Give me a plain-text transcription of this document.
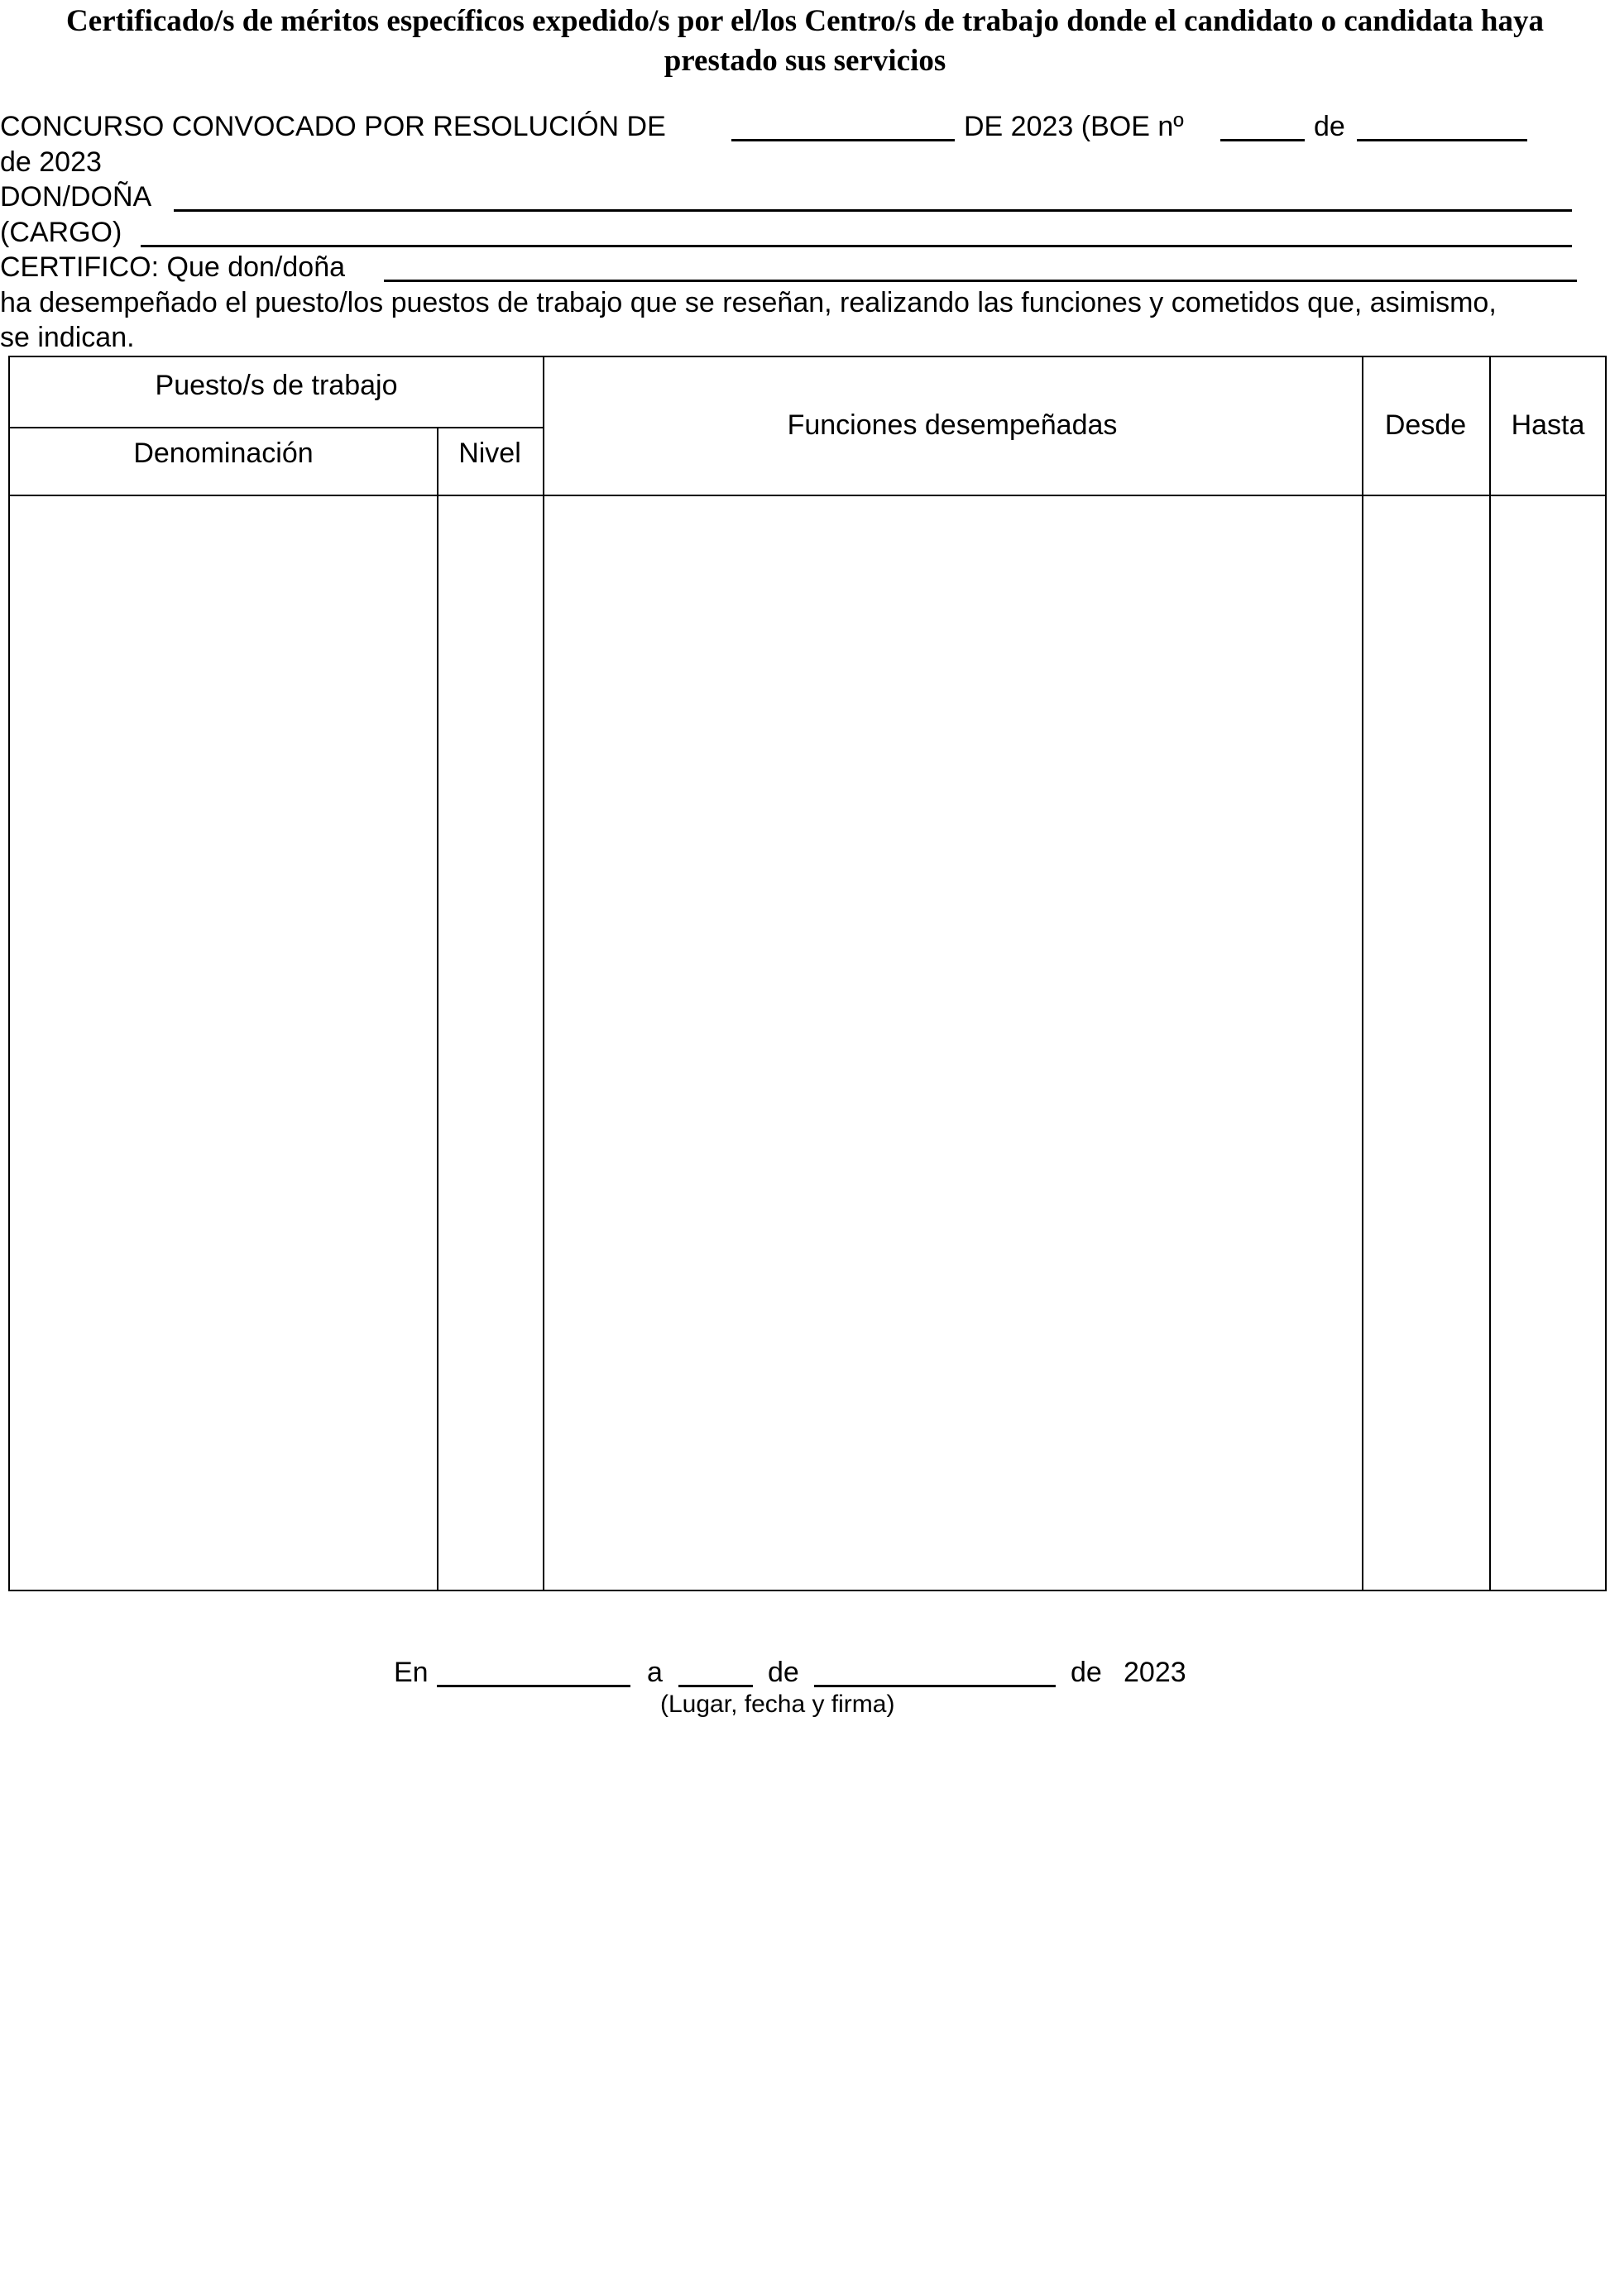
Certificado/s de méritos específicos expedido/s por el/los Centro/s de trabajo donde el candidato o candidata haya prestado sus servicios
CONCURSO CONVOCADO POR RESOLUCIÓN DE	DE 2023 (BOE nº	de
de 2023
DON/DOÑA
(CARGO)
CERTIFICO: Que don/doña
ha desempeñado el puesto/los puestos de trabajo que se reseñan, realizando las funciones y cometidos que, asimismo,
se indican.
Puesto/s de trabajo
Denominación	Nivel
Funciones desempeñadas	Desde	Hasta
En	a	de	de 2023
(Lugar, fecha y firma)
